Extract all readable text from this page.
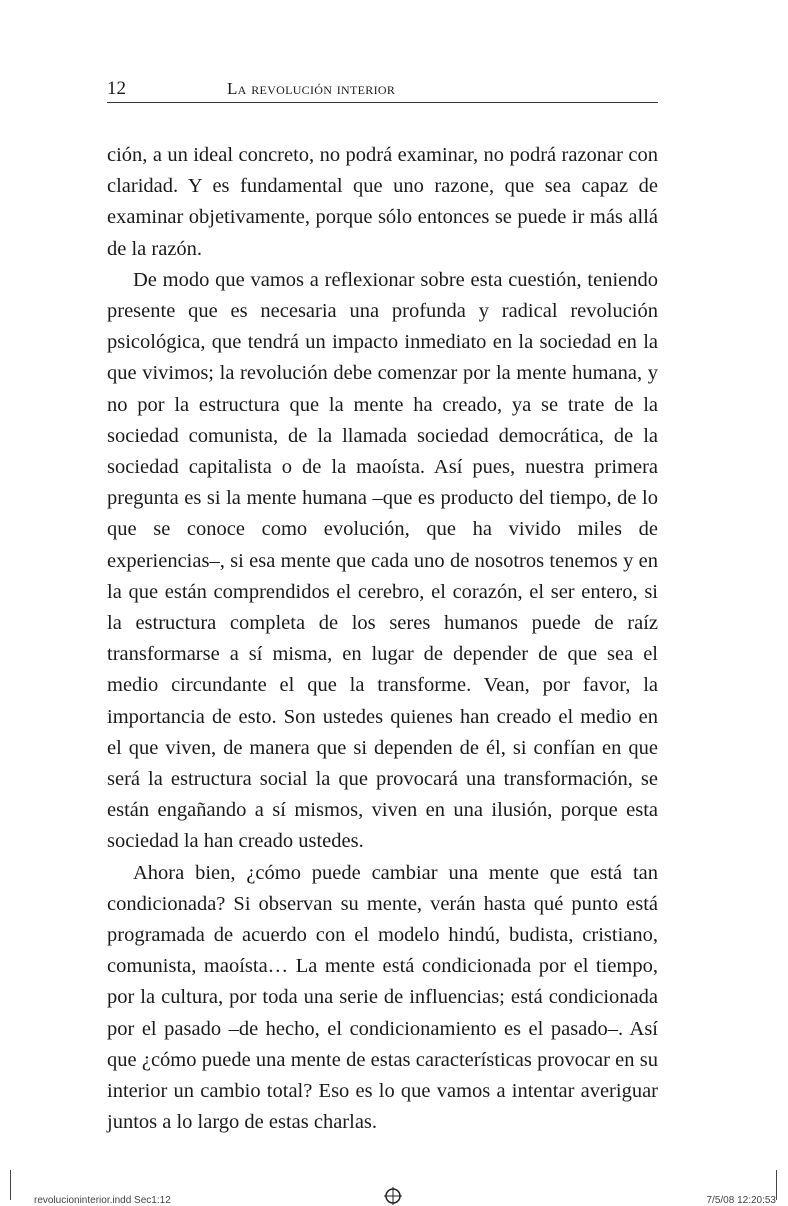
12	La revolución interior

ción, a un ideal concreto, no podrá examinar, no podrá razonar con claridad. Y es fundamental que uno razone, que sea capaz de examinar objetivamente, porque sólo entonces se puede ir más allá de la razón.

De modo que vamos a reflexionar sobre esta cuestión, teniendo presente que es necesaria una profunda y radical revolución psicológica, que tendrá un impacto inmediato en la sociedad en la que vivimos; la revolución debe comenzar por la mente humana, y no por la estructura que la mente ha creado, ya se trate de la sociedad comunista, de la llamada sociedad democrática, de la sociedad capitalista o de la maoísta. Así pues, nuestra primera pregunta es si la mente humana –que es producto del tiempo, de lo que se conoce como evolución, que ha vivido miles de experiencias–, si esa mente que cada uno de nosotros tenemos y en la que están comprendidos el cerebro, el corazón, el ser entero, si la estructura completa de los seres humanos puede de raíz transformarse a sí misma, en lugar de depender de que sea el medio circundante el que la transforme. Vean, por favor, la importancia de esto. Son ustedes quienes han creado el medio en el que viven, de manera que si dependen de él, si confían en que será la estructura social la que provocará una transformación, se están engañando a sí mismos, viven en una ilusión, porque esta sociedad la han creado ustedes.

Ahora bien, ¿cómo puede cambiar una mente que está tan condicionada? Si observan su mente, verán hasta qué punto está programada de acuerdo con el modelo hindú, budista, cristiano, comunista, maoísta… La mente está condicionada por el tiempo, por la cultura, por toda una serie de influencias; está condicionada por el pasado –de hecho, el condicionamiento es el pasado–. Así que ¿cómo puede una mente de estas características provocar en su interior un cambio total? Eso es lo que vamos a intentar averiguar juntos a lo largo de estas charlas.

revolucioninterior.indd Sec1:12	7/5/08 12:20:53
